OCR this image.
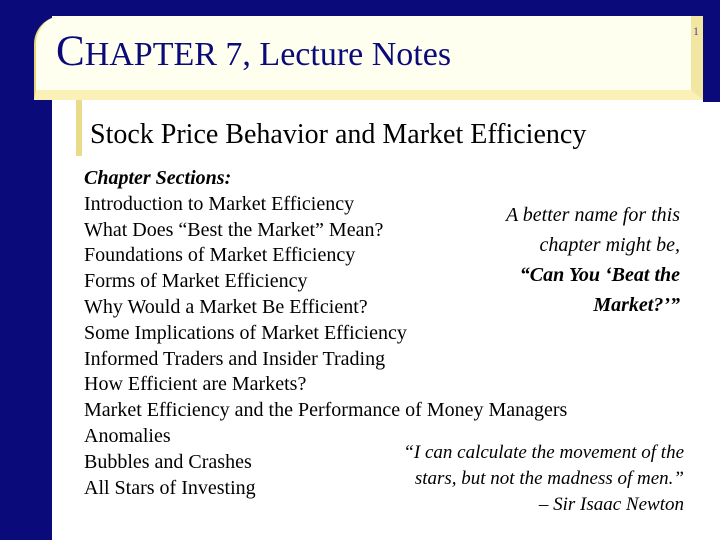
CHAPTER 7, Lecture Notes
1
Stock Price Behavior and Market Efficiency
Chapter Sections:
Introduction to Market Efficiency
What Does “Best the Market” Mean?
Foundations of Market Efficiency
Forms of Market Efficiency
Why Would a Market Be Efficient?
Some Implications of Market Efficiency
Informed Traders and Insider Trading
How Efficient are Markets?
Market Efficiency and the Performance of Money Managers
Anomalies
Bubbles and Crashes
All Stars of Investing
A better name for this
chapter might be,
“Can You ‘Beat the
Market?’”
“I can calculate the movement of the
stars, but not the madness of men.”
– Sir Isaac Newton
